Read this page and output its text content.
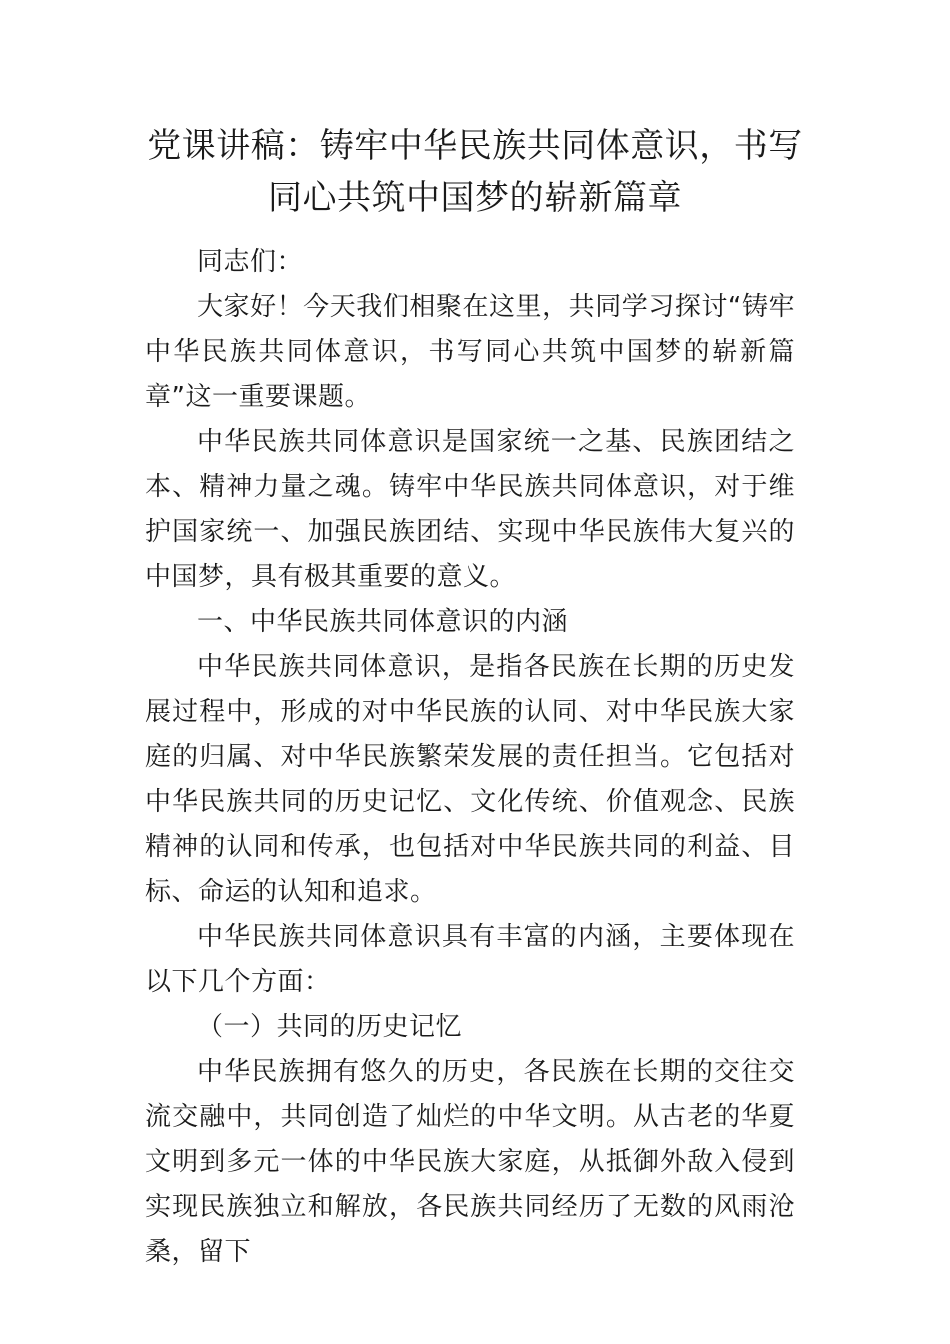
党课讲稿：铸牢中华民族共同体意识，书写同心共筑中国梦的崭新篇章

同志们：

大家好！今天我们相聚在这里，共同学习探讨“铸牢中华民族共同体意识，书写同心共筑中国梦的崭新篇章”这一重要课题。

中华民族共同体意识是国家统一之基、民族团结之本、精神力量之魂。铸牢中华民族共同体意识，对于维护国家统一、加强民族团结、实现中华民族伟大复兴的中国梦，具有极其重要的意义。

一、中华民族共同体意识的内涵

中华民族共同体意识，是指各民族在长期的历史发展过程中，形成的对中华民族的认同、对中华民族大家庭的归属、对中华民族繁荣发展的责任担当。它包括对中华民族共同的历史记忆、文化传统、价值观念、民族精神的认同和传承，也包括对中华民族共同的利益、目标、命运的认知和追求。

中华民族共同体意识具有丰富的内涵，主要体现在以下几个方面：

（一）共同的历史记忆

中华民族拥有悠久的历史，各民族在长期的交往交流交融中，共同创造了灿烂的中华文明。从古老的华夏文明到多元一体的中华民族大家庭，从抵御外敌入侵到实现民族独立和解放，各民族共同经历了无数的风雨沧桑，留下
